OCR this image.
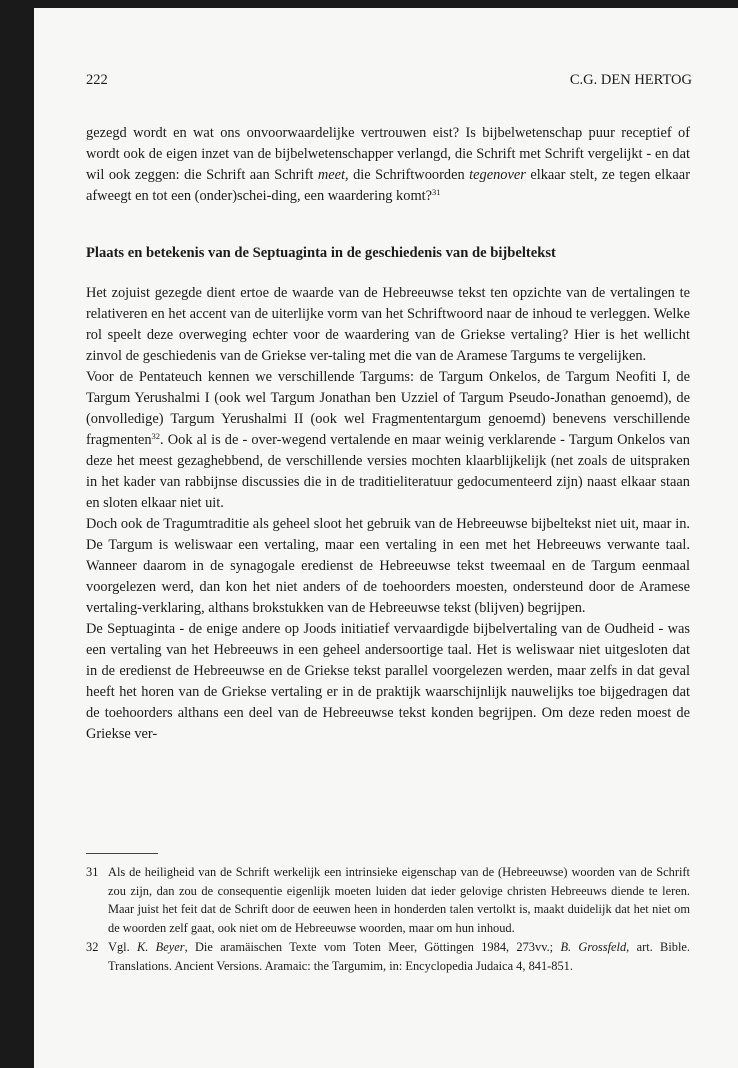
222	C.G. DEN HERTOG

gezegd wordt en wat ons onvoorwaardelijke vertrouwen eist? Is bijbelwetenschap puur receptief of wordt ook de eigen inzet van de bijbelwetenschapper verlangd, die Schrift met Schrift vergelijkt - en dat wil ook zeggen: die Schrift aan Schrift meet, die Schriftwoorden tegenover elkaar stelt, ze tegen elkaar afweegt en tot een (onder)schei-ding, een waardering komt?$^{31}$

Plaats en betekenis van de Septuaginta in de geschiedenis van de bijbeltekst

Het zojuist gezegde dient ertoe de waarde van de Hebreeuwse tekst ten opzichte van de vertalingen te relativeren en het accent van de uiterlijke vorm van het Schriftwoord naar de inhoud te verleggen. Welke rol speelt deze overweging echter voor de waardering van de Griekse vertaling? Hier is het wellicht zinvol de geschiedenis van de Griekse ver-taling met die van de Aramese Targums te vergelijken.

Voor de Pentateuch kennen we verschillende Targums: de Targum Onkelos, de Targum Neofiti I, de Targum Yerushalmi I (ook wel Targum Jonathan ben Uzziel of Targum Pseudo-Jonathan genoemd), de (onvolledige) Targum Yerushalmi II (ook wel Fragmententargum genoemd) benevens verschillende fragmenten$^{32}$. Ook al is de - over-wegend vertalende en maar weinig verklarende - Targum Onkelos van deze het meest gezaghebbend, de verschillende versies mochten klaarblijkelijk (net zoals de uitspraken in het kader van rabbijnse discussies die in de traditieliteratuur gedocumenteerd zijn) naast elkaar staan en sloten elkaar niet uit.

Doch ook de Tragumtraditie als geheel sloot het gebruik van de Hebreeuwse bijbeltekst niet uit, maar in. De Targum is weliswaar een vertaling, maar een vertaling in een met het Hebreeuws verwante taal. Wanneer daarom in de synagogale eredienst de Hebreeuwse tekst tweemaal en de Targum eenmaal voorgelezen werd, dan kon het niet anders of de toehoorders moesten, ondersteund door de Aramese vertaling-verklaring, althans brokstukken van de Hebreeuwse tekst (blijven) begrijpen.

De Septuaginta - de enige andere op Joods initiatief vervaardigde bijbelvertaling van de Oudheid - was een vertaling van het Hebreeuws in een geheel andersoortige taal. Het is weliswaar niet uitgesloten dat in de eredienst de Hebreeuwse en de Griekse tekst parallel voorgelezen werden, maar zelfs in dat geval heeft het horen van de Griekse vertaling er in de praktijk waarschijnlijk nauwelijks toe bijgedragen dat de toehoorders althans een deel van de Hebreeuwse tekst konden begrijpen. Om deze reden moest de Griekse ver-

31 Als de heiligheid van de Schrift werkelijk een intrinsieke eigenschap van de (Hebreeuwse) woorden van de Schrift zou zijn, dan zou de consequentie eigenlijk moeten luiden dat ieder gelovige christen Hebreeuws diende te leren. Maar juist het feit dat de Schrift door de eeuwen heen in honderden talen vertolkt is, maakt duidelijk dat het niet om de woorden zelf gaat, ook niet om de Hebreeuwse woorden, maar om hun inhoud.
32 Vgl. K. Beyer, Die aramäischen Texte vom Toten Meer, Göttingen 1984, 273vv.; B. Grossfeld, art. Bible. Translations. Ancient Versions. Aramaic: the Targumim, in: Encyclopedia Judaica 4, 841-851.
